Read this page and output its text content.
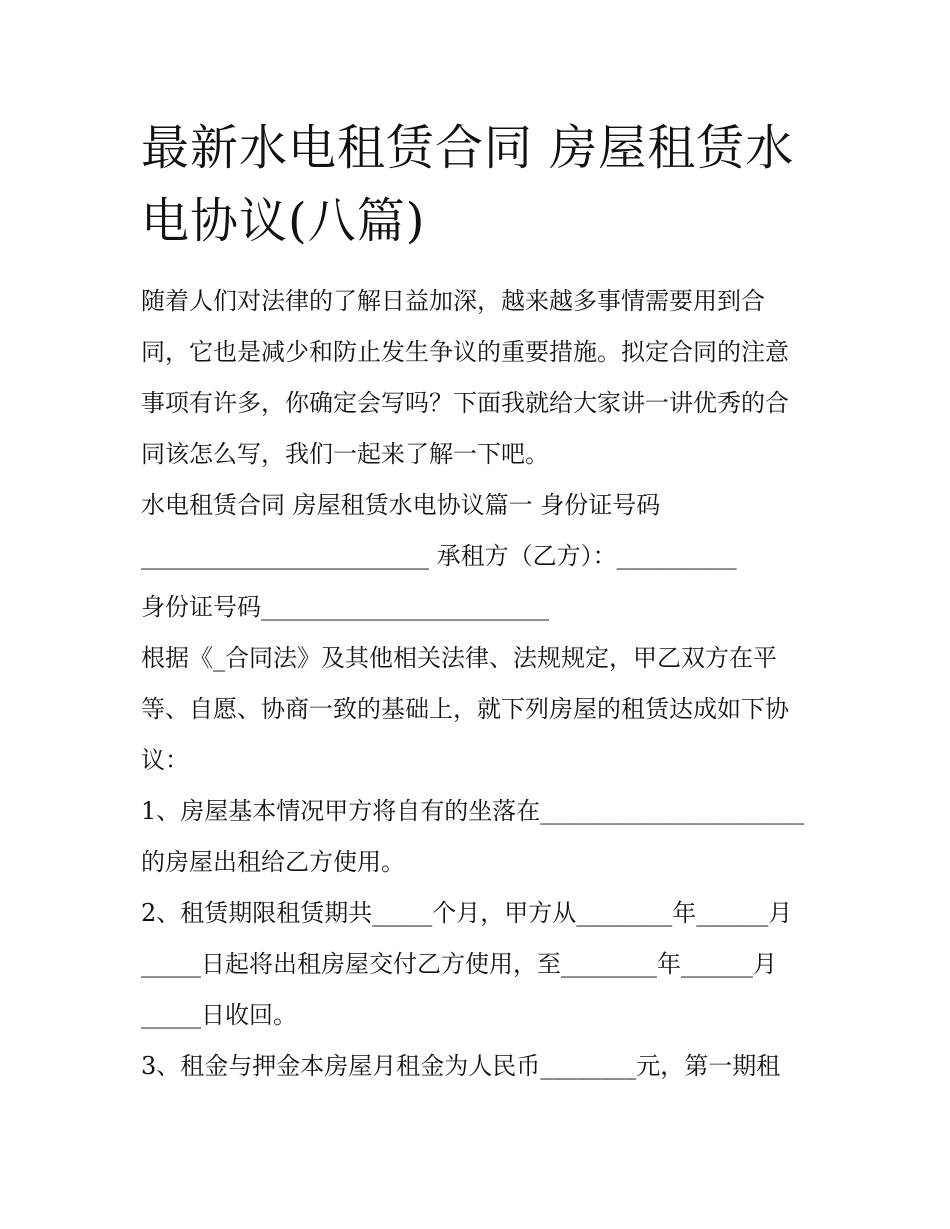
最新水电租赁合同 房屋租赁水
电协议(八篇)
随着人们对法律的了解日益加深，越来越多事情需要用到合
同，它也是减少和防止发生争议的重要措施。拟定合同的注意
事项有许多，你确定会写吗？下面我就给大家讲一讲优秀的合
同该怎么写，我们一起来了解一下吧。
水电租赁合同 房屋租赁水电协议篇一 身份证号码
________________________ 承租方（乙方）：__________
身份证号码________________________
根据《_合同法》及其他相关法律、法规规定，甲乙双方在平
等、自愿、协商一致的基础上，就下列房屋的租赁达成如下协
议：
1、房屋基本情况甲方将自有的坐落在______________________
的房屋出租给乙方使用。
2、租赁期限租赁期共_____个月，甲方从________年______月
_____日起将出租房屋交付乙方使用，至________年______月
_____日收回。
3、租金与押金本房屋月租金为人民币________元，第一期租
